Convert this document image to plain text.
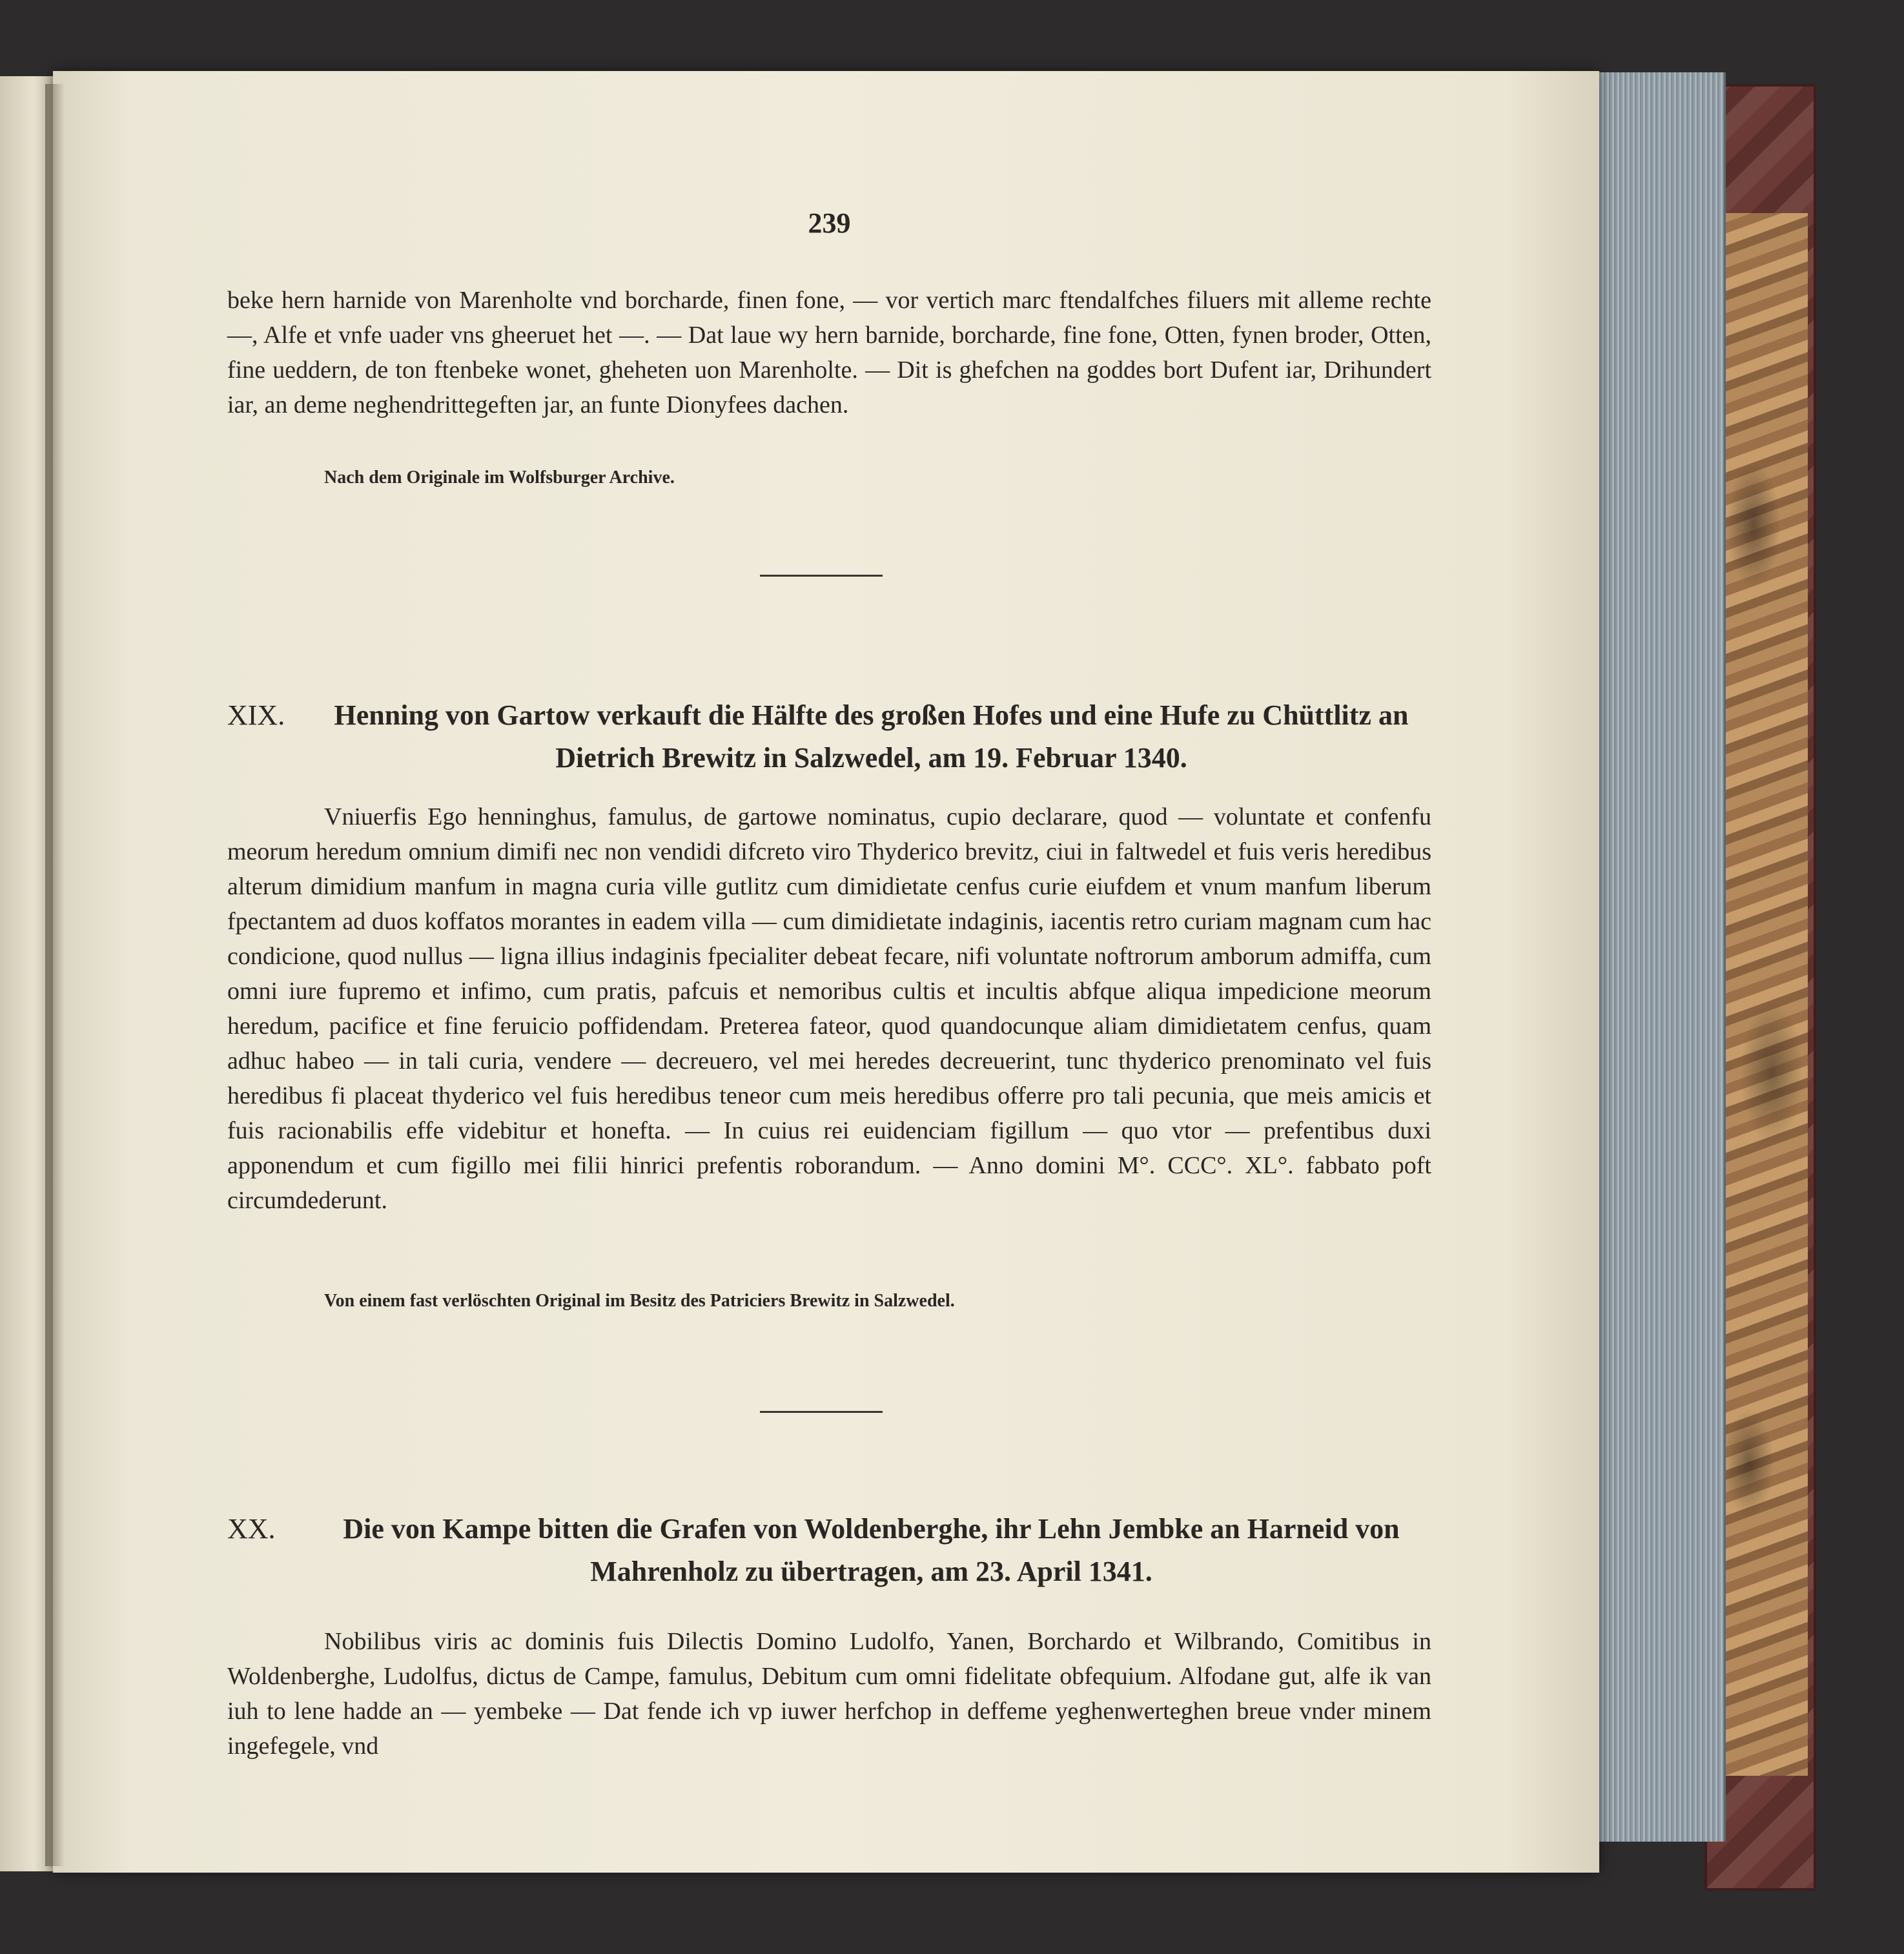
239
beke hern harnide von Marenholte vnd borcharde, finen fone, — vor vertich marc ftendalfches filuers mit alleme rechte —, Alfe et vnfe uader vns gheeruet het —. — Dat laue wy hern barnide, borcharde, fine fone, Otten, fynen broder, Otten, fine ueddern, de ton ftenbeke wonet, gheheten uon Marenholte. — Dit is ghefchen na goddes bort Dufent iar, Drihundert iar, an deme neghendrittegeften jar, an funte Dionyfees dachen.
Nach dem Originale im Wolfsburger Archive.
XIX.	Henning von Gartow verkauft die Hälfte des großen Hofes und eine Hufe zu Chüttlitz an Dietrich Brewitz in Salzwedel, am 19. Februar 1340.
Vniuerfis Ego henninghus, famulus, de gartowe nominatus, cupio declarare, quod — voluntate et confenfu meorum heredum omnium dimifi nec non vendidi difcreto viro Thyderico brevitz, ciui in faltwedel et fuis veris heredibus alterum dimidium manfum in magna curia ville gutlitz cum dimidietate cenfus curie eiufdem et vnum manfum liberum fpectantem ad duos koffatos morantes in eadem villa — cum dimidietate indaginis, iacentis retro curiam magnam cum hac condicione, quod nullus — ligna illius indaginis fpecialiter debeat fecare, nifi voluntate noftrorum amborum admiffa, cum omni iure fupremo et infimo, cum pratis, pafcuis et nemoribus cultis et incultis abfque aliqua impedicione meorum heredum, pacifice et fine feruicio poffidendam. Preterea fateor, quod quandocunque aliam dimidietatem cenfus, quam adhuc habeo — in tali curia, vendere — decreuero, vel mei heredes decreuerint, tunc thyderico prenominato vel fuis heredibus fi placeat thyderico vel fuis heredibus teneor cum meis heredibus offerre pro tali pecunia, que meis amicis et fuis racionabilis effe videbitur et honefta. — In cuius rei euidenciam figillum — quo vtor — prefentibus duxi apponendum et cum figillo mei filii hinrici prefentis roborandum. — Anno domini M°. CCC°. XL°. fabbato poft circumdederunt.
Von einem fast verlöschten Original im Besitz des Patriciers Brewitz in Salzwedel.
XX.	Die von Kampe bitten die Grafen von Woldenberghe, ihr Lehn Jembke an Harneid von Mahrenholz zu übertragen, am 23. April 1341.
Nobilibus viris ac dominis fuis Dilectis Domino Ludolfo, Yanen, Borchardo et Wilbrando, Comitibus in Woldenberghe, Ludolfus, dictus de Campe, famulus, Debitum cum omni fidelitate obfequium. Alfodane gut, alfe ik van iuh to lene hadde an — yembeke — Dat fende ich vp iuwer herfchop in deffeme yeghenwerteghen breue vnder minem ingefegele, vnd
